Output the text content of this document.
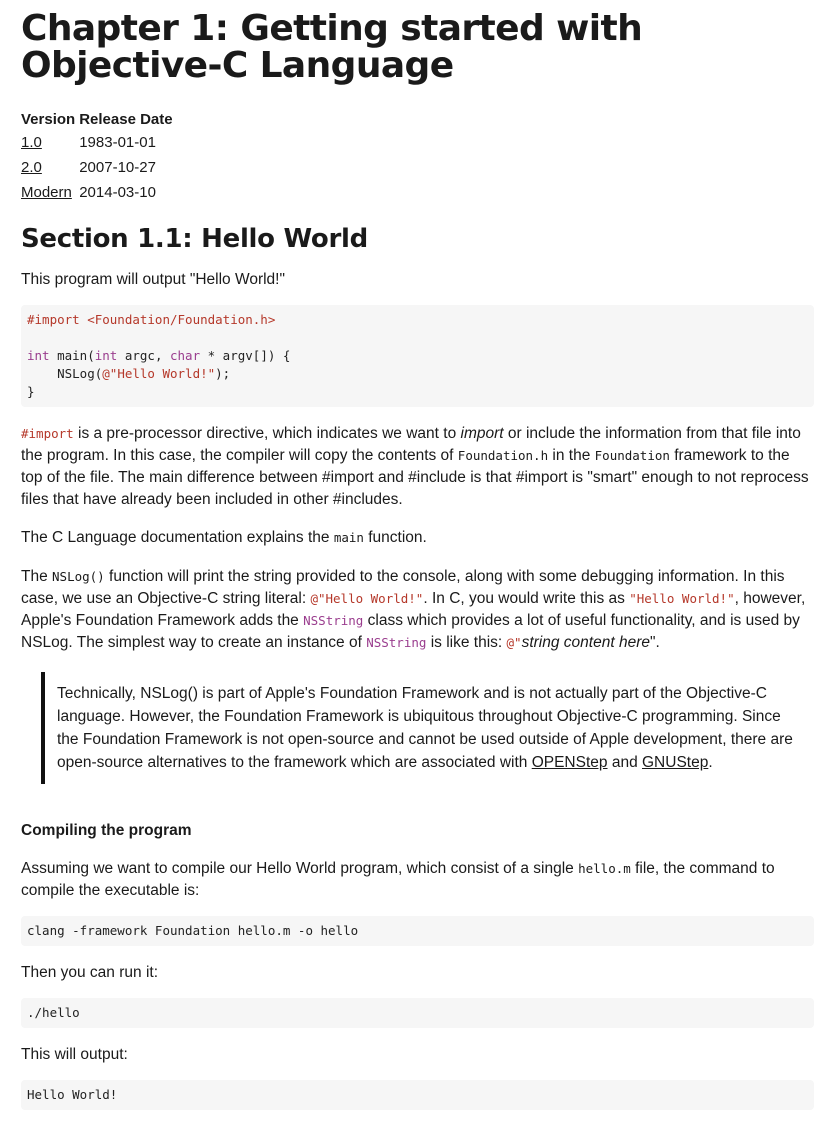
Chapter 1: Getting started with Objective-C Language
Version	Release Date
1.0	1983-01-01
2.0	2007-10-27
Modern	2014-03-10
Section 1.1: Hello World

This program will output "Hello World!"

#import <Foundation/Foundation.h>

int main(int argc, char * argv[]) {
NSLog(@"Hello World!");
}

#import is a pre-processor directive, which indicates we want to import or include the information from that file into the program. In this case, the compiler will copy the contents of Foundation.h in the Foundation framework to the top of the file. The main difference between #import and #include is that #import is "smart" enough to not reprocess files that have already been included in other #includes.

The C Language documentation explains the main function.

The NSLog() function will print the string provided to the console, along with some debugging information. In this case, we use an Objective-C string literal: @"Hello World!". In C, you would write this as "Hello World!", however, Apple's Foundation Framework adds the NSString class which provides a lot of useful functionality, and is used by NSLog. The simplest way to create an instance of NSString is like this: @"string content here".

Technically, NSLog() is part of Apple's Foundation Framework and is not actually part of the Objective-C language. However, the Foundation Framework is ubiquitous throughout Objective-C programming. Since the Foundation Framework is not open-source and cannot be used outside of Apple development, there are open-source alternatives to the framework which are associated with OPENStep and GNUStep.
Compiling the program

Assuming we want to compile our Hello World program, which consist of a single hello.m file, the command to compile the executable is:

clang -framework Foundation hello.m -o hello

Then you can run it:

./hello

This will output:

Hello World!
